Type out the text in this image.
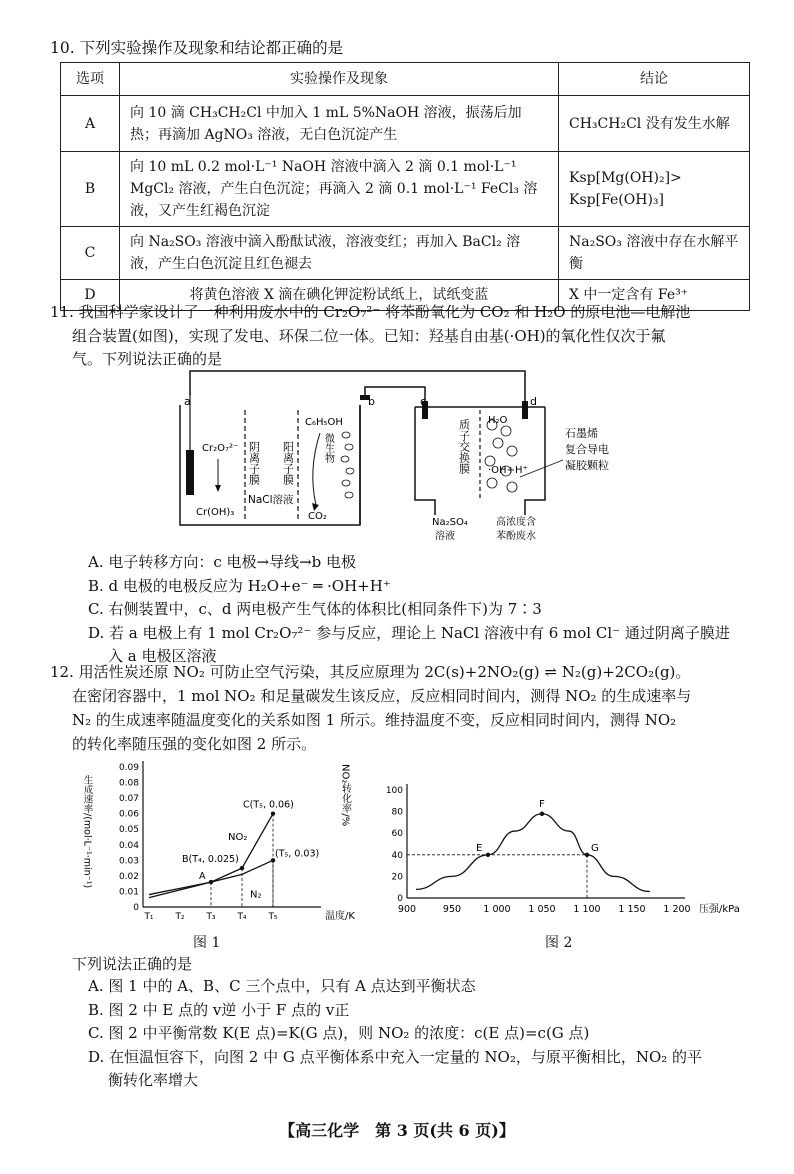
10. 下列实验操作及现象和结论都正确的是
选项	实验操作及现象	结论
A	向 10 滴 CH₃CH₂Cl 中加入 1 mL 5%NaOH 溶液，振荡后加热；再滴加 AgNO₃ 溶液，无白色沉淀产生	CH₃CH₂Cl 没有发生水解
B	向 10 mL 0.2 mol·L⁻¹ NaOH 溶液中滴入 2 滴 0.1 mol·L⁻¹ MgCl₂ 溶液，产生白色沉淀；再滴入 2 滴 0.1 mol·L⁻¹ FeCl₃ 溶液，又产生红褐色沉淀	Ksp[Mg(OH)₂]> Ksp[Fe(OH)₃]
C	向 Na₂SO₃ 溶液中滴入酚酞试液，溶液变红；再加入 BaCl₂ 溶液，产生白色沉淀且红色褪去	Na₂SO₃ 溶液中存在水解平衡
D	将黄色溶液 X 滴在碘化钾淀粉试纸上，试纸变蓝	X 中一定含有 Fe³⁺
11. 我国科学家设计了一种利用废水中的 Cr₂O₇²⁻ 将苯酚氧化为 CO₂ 和 H₂O 的原电池—电解池
组合装置(如图)，实现了发电、环保二位一体。已知：羟基自由基(·OH)的氧化性仅次于氟
气。下列说法正确的是
a	b
Cr₂O₇²⁻
Cr(OH)₃
阴离子膜 阳离子膜
NaCl溶液
C₆H₅OH
微生物
CO₂
c	d
质子交换膜 H₂O
·OH+H⁺
石墨烯
复合导电
凝胶颗粒
Na₂SO₄
溶液
高浓度含
苯酚废水
A. 电子转移方向：c 电极→导线→b 电极
B. d 电极的电极反应为 H₂O+e⁻ ═ ·OH+H⁺
C. 右侧装置中，c、d 两电极产生气体的体积比(相同条件下)为 7∶3
D. 若 a 电极上有 1 mol Cr₂O₇²⁻ 参与反应，理论上 NaCl 溶液中有 6 mol Cl⁻ 通过阴离子膜进
入 a 电极区溶液
12. 用活性炭还原 NO₂ 可防止空气污染，其反应原理为 2C(s)+2NO₂(g) ⇌ N₂(g)+2CO₂(g)。
在密闭容器中，1 mol NO₂ 和足量碳发生该反应，反应相同时间内，测得 NO₂ 的生成速率与
N₂ 的生成速率随温度变化的关系如图 1 所示。维持温度不变，反应相同时间内，测得 NO₂
的转化率随压强的变化如图 2 所示。
0
0.01
0.02
0.03
0.04
0.05
0.06
0.07
0.08
0.09
T₁ T₂ T₃ T₄ T₅	温度/K
生成速率/(mol·L⁻¹·min⁻¹)	NO₂
N₂
A
B(T₄, 0.025)
C(T₅, 0.06)
(T₅, 0.03)
0
20
40
60
80
100
900	950 1 000 1 050 1 100 1 150 1 200 压强/kPa
NO₂转化率/%
E
F
G
图 1	图 2
下列说法正确的是
A. 图 1 中的 A、B、C 三个点中，只有 A 点达到平衡状态
B. 图 2 中 E 点的 v逆 小于 F 点的 v正
C. 图 2 中平衡常数 K(E 点)=K(G 点)，则 NO₂ 的浓度：c(E 点)=c(G 点)
D. 在恒温恒容下，向图 2 中 G 点平衡体系中充入一定量的 NO₂，与原平衡相比，NO₂ 的平
衡转化率增大
【高三化学　第 3 页(共 6 页)】
